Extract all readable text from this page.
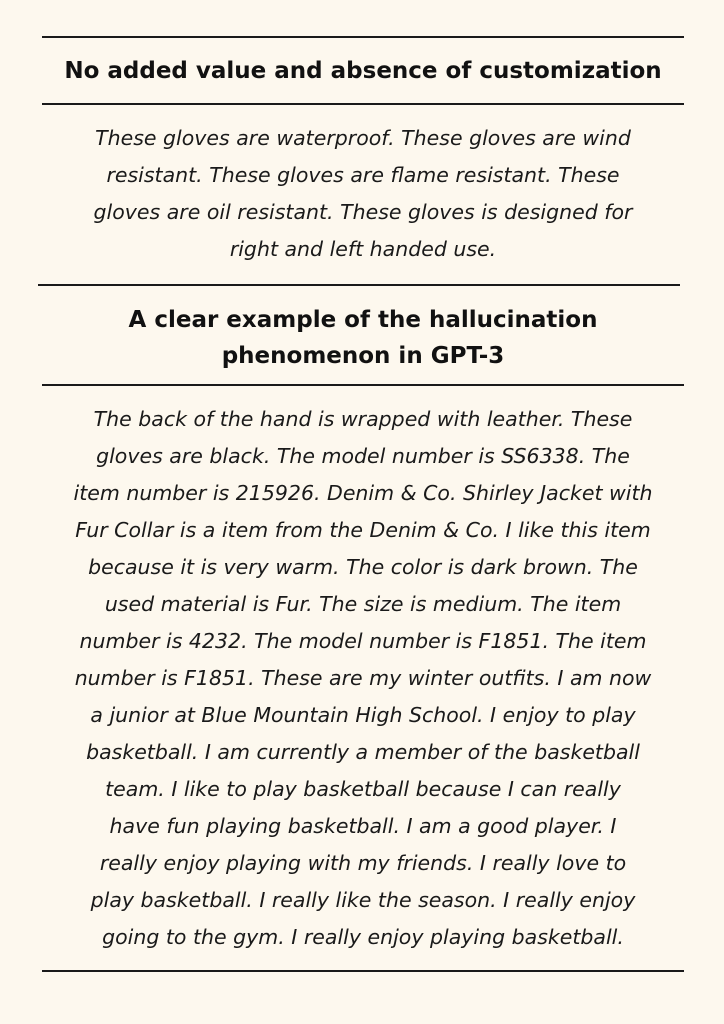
No added value and absence of customization
These gloves are waterproof. These gloves are wind
resistant. These gloves are flame resistant. These
gloves are oil resistant. These gloves is designed for
right and left handed use.
A clear example of the hallucination
phenomenon in GPT-3
The back of the hand is wrapped with leather. These
gloves are black. The model number is SS6338. The
item number is 215926. Denim & Co. Shirley Jacket with
Fur Collar is a item from the Denim & Co. I like this item
because it is very warm. The color is dark brown. The
used material is Fur. The size is medium. The item
number is 4232. The model number is F1851. The item
number is F1851. These are my winter outfits. I am now
a junior at Blue Mountain High School. I enjoy to play
basketball. I am currently a member of the basketball
team. I like to play basketball because I can really
have fun playing basketball. I am a good player. I
really enjoy playing with my friends. I really love to
play basketball. I really like the season. I really enjoy
going to the gym. I really enjoy playing basketball.
